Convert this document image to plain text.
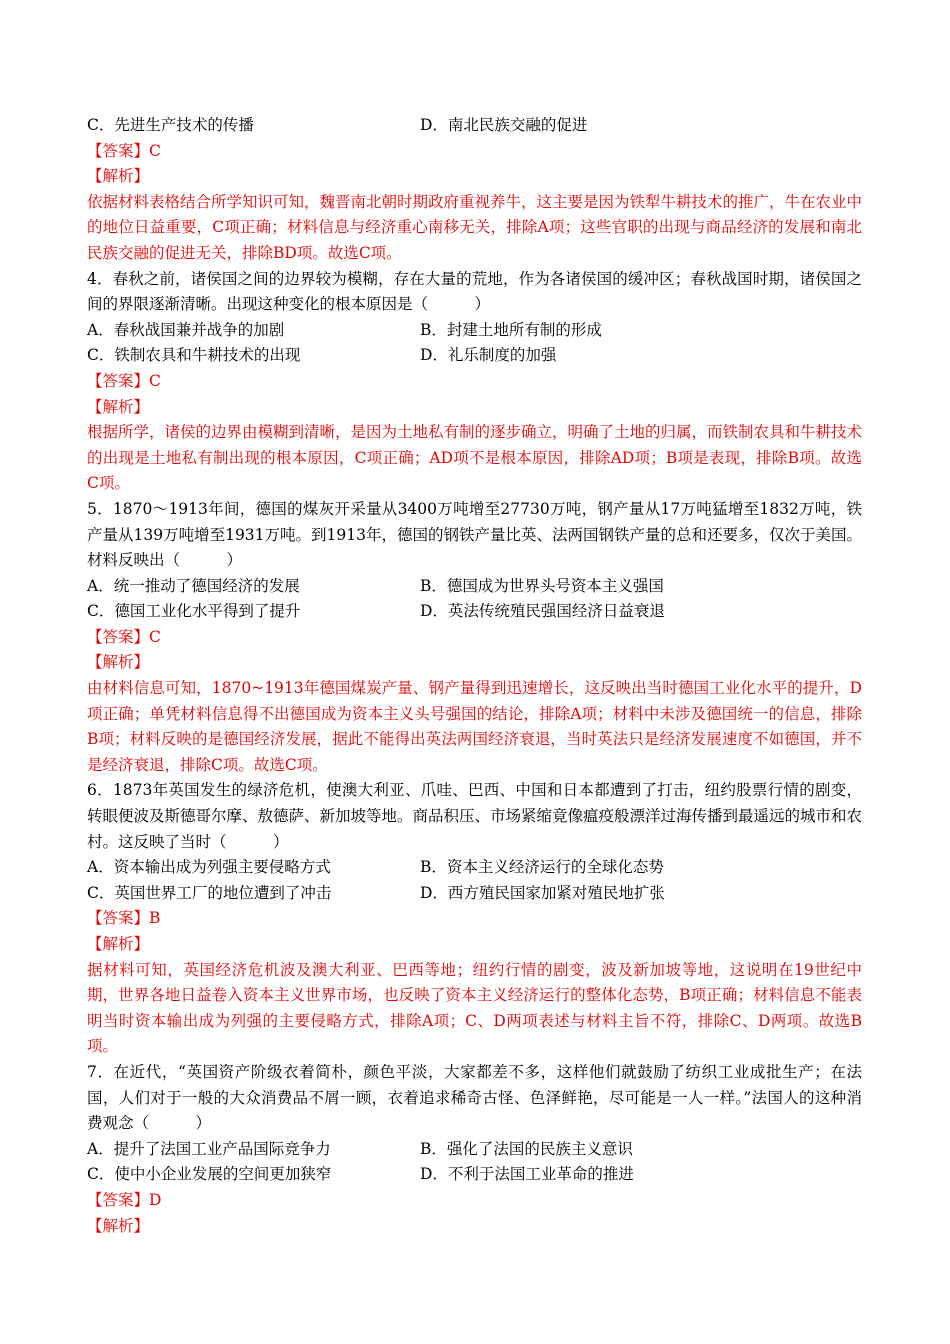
C．先进生产技术的传播	D．南北民族交融的促进
【答案】C
【解析】
依据材料表格结合所学知识可知，魏晋南北朝时期政府重视养牛，这主要是因为铁犁牛耕技术的推广，牛在农业中的地位日益重要，C项正确；材料信息与经济重心南移无关，排除A项；这些官职的出现与商品经济的发展和南北民族交融的促进无关，排除BD项。故选C项。
4．春秋之前，诸侯国之间的边界较为模糊，存在大量的荒地，作为各诸侯国的缓冲区；春秋战国时期，诸侯国之间的界限逐渐清晰。出现这种变化的根本原因是（　　　）
A．春秋战国兼并战争的加剧	B．封建土地所有制的形成
C．铁制农具和牛耕技术的出现	D．礼乐制度的加强
【答案】C
【解析】
根据所学，诸侯的边界由模糊到清晰，是因为土地私有制的逐步确立，明确了土地的归属，而铁制农具和牛耕技术的出现是土地私有制出现的根本原因，C项正确；AD项不是根本原因，排除AD项；B项是表现，排除B项。故选C项。
5．1870～1913年间，德国的煤灰开采量从3400万吨增至27730万吨，钢产量从17万吨猛增至1832万吨，铁产量从139万吨增至1931万吨。到1913年，德国的钢铁产量比英、法两国钢铁产量的总和还要多，仅次于美国。材料反映出（　　　）
A．统一推动了德国经济的发展	B．德国成为世界头号资本主义强国
C．德国工业化水平得到了提升	D．英法传统殖民强国经济日益衰退
【答案】C
【解析】
由材料信息可知，1870~1913年德国煤炭产量、钢产量得到迅速增长，这反映出当时德国工业化水平的提升，D项正确；单凭材料信息得不出德国成为资本主义头号强国的结论，排除A项；材料中未涉及德国统一的信息，排除B项；材料反映的是德国经济发展，据此不能得出英法两国经济衰退，当时英法只是经济发展速度不如德国，并不是经济衰退，排除C项。故选C项。
6．1873年英国发生的绿济危机，使澳大利亚、爪哇、巴西、中国和日本都遭到了打击，纽约股票行情的剧变，转眼便波及斯德哥尔摩、敖德萨、新加坡等地。商品积压、市场紧缩竟像瘟疫般漂洋过海传播到最遥远的城市和农村。这反映了当时（　　　）
A．资本输出成为列强主要侵略方式	B．资本主义经济运行的全球化态势
C．英国世界工厂的地位遭到了冲击	D．西方殖民国家加紧对殖民地扩张
【答案】B
【解析】
据材料可知，英国经济危机波及澳大利亚、巴西等地；纽约行情的剧变，波及新加坡等地，这说明在19世纪中期，世界各地日益卷入资本主义世界市场，也反映了资本主义经济运行的整体化态势，B项正确；材料信息不能表明当时资本输出成为列强的主要侵略方式，排除A项；C、D两项表述与材料主旨不符，排除C、D两项。故选B项。
7．在近代，“英国资产阶级衣着简朴，颜色平淡，大家都差不多，这样他们就鼓励了纺织工业成批生产；在法国，人们对于一般的大众消费品不屑一顾，衣着追求稀奇古怪、色泽鲜艳，尽可能是一人一样。”法国人的这种消费观念（　　　）
A．提升了法国工业产品国际竞争力	B．强化了法国的民族主义意识
C．使中小企业发展的空间更加狭窄	D．不利于法国工业革命的推进
【答案】D
【解析】
